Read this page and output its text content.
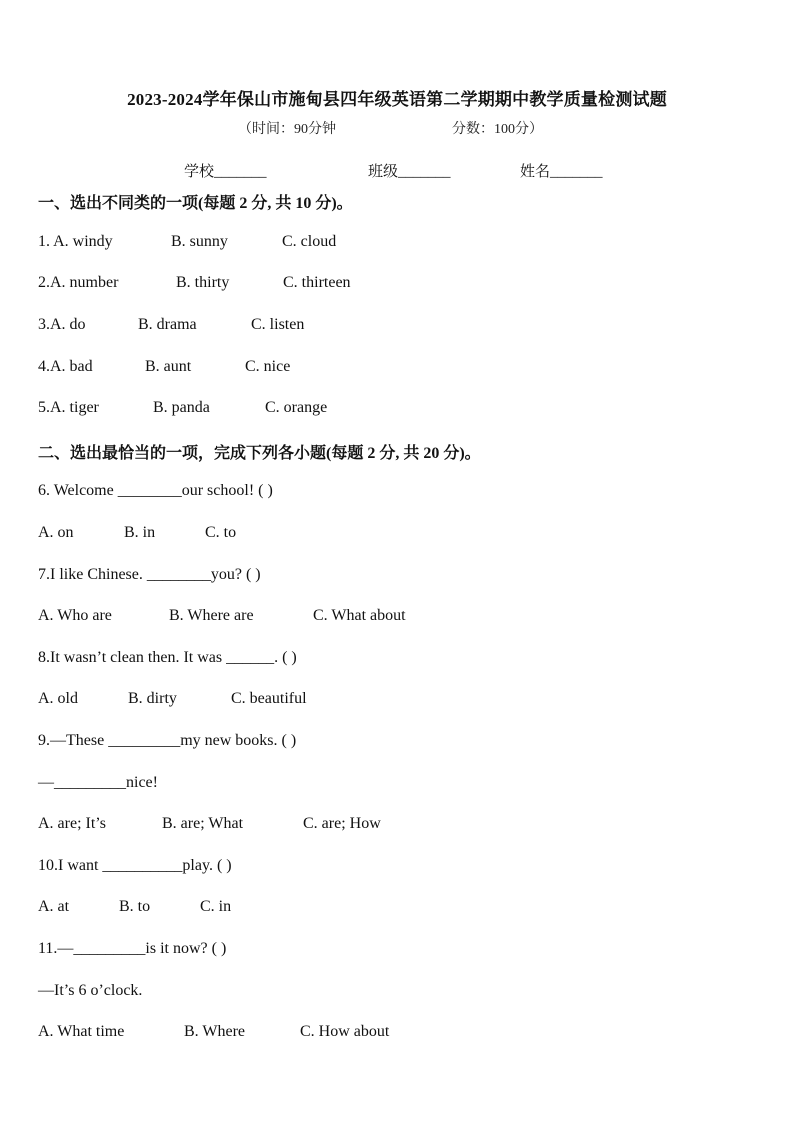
2023-2024学年保山市施甸县四年级英语第二学期期中教学质量检测试题
（时间：90分钟	分数：100分）
学校_______	班级_______	姓名_______
一、选出不同类的一项(每题 2 分, 共 10 分)。
1. A. windy	B. sunny	C. cloud
2.A. number	B. thirty	C. thirteen
3.A. do	B. drama	C. listen
4.A. bad	B. aunt	C. nice
5.A. tiger	B. panda	C. orange
二、选出最恰当的一项，完成下列各小题(每题 2 分, 共 20 分)。
6. Welcome ________our school! ( )
A. on	B. in	C. to
7.I like Chinese. ________you? ( )
A. Who are	B. Where are	C. What about
8.It wasn’t clean then. It was ______. ( )
A. old	B. dirty	C. beautiful
9.—These _________my new books. ( )
—_________nice!
A. are; It’s	B. are; What	C. are; How
10.I want __________play. ( )
A. at	B. to	C. in
11.—_________is it now? ( )
—It’s 6 o’clock.
A. What time	B. Where	C. How about
